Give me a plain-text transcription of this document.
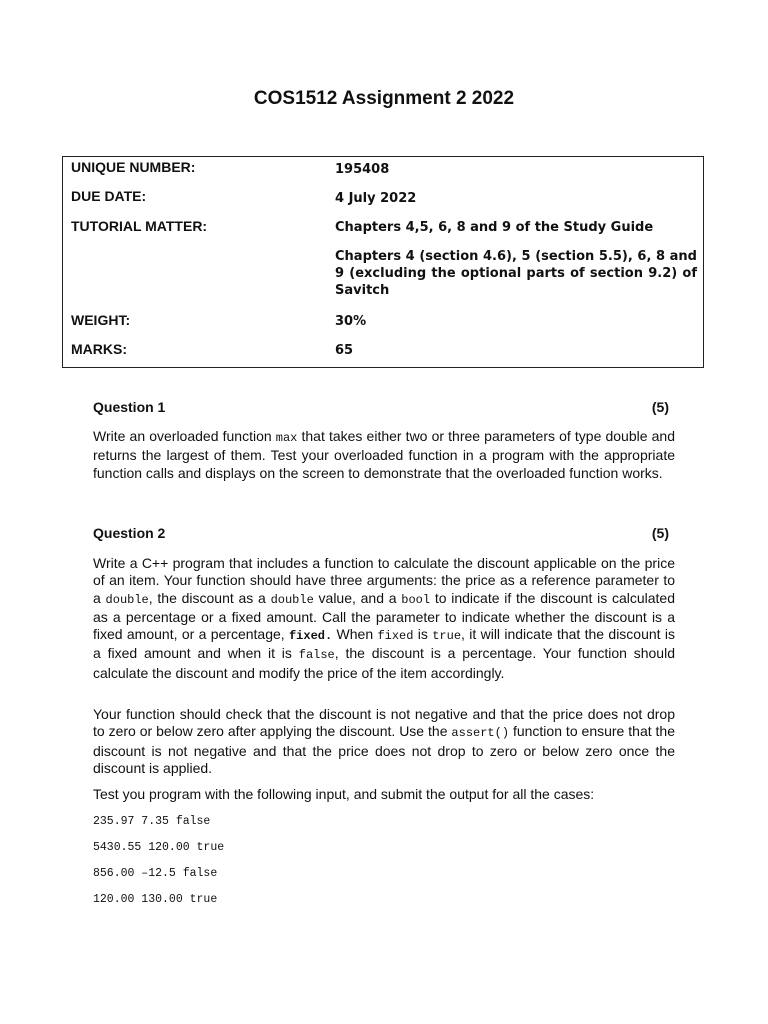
COS1512 Assignment 2 2022
UNIQUE NUMBER:	195408
DUE DATE:	4 July 2022
TUTORIAL MATTER:	Chapters 4,5, 6, 8 and 9 of the Study Guide
Chapters 4 (section 4.6), 5 (section 5.5), 6, 8 and 9 (excluding the optional parts of section 9.2) of Savitch
WEIGHT:	30%
MARKS:	65
Question 1	(5)

Write an overloaded function max that takes either two or three parameters of type double and returns the largest of them. Test your overloaded function in a program with the appropriate function calls and displays on the screen to demonstrate that the overloaded function works.

Question 2	(5)

Write a C++ program that includes a function to calculate the discount applicable on the price of an item. Your function should have three arguments: the price as a reference parameter to a double, the discount as a double value, and a bool to indicate if the discount is calculated as a percentage or a fixed amount. Call the parameter to indicate whether the discount is a fixed amount, or a percentage, fixed. When fixed is true, it will indicate that the discount is a fixed amount and when it is false, the discount is a percentage. Your function should calculate the discount and modify the price of the item accordingly.

Your function should check that the discount is not negative and that the price does not drop to zero or below zero after applying the discount. Use the assert() function to ensure that the discount is not negative and that the price does not drop to zero or below zero once the discount is applied.

Test you program with the following input, and submit the output for all the cases:

235.97 7.35 false
5430.55 120.00 true
856.00 –12.5 false
120.00 130.00 true
